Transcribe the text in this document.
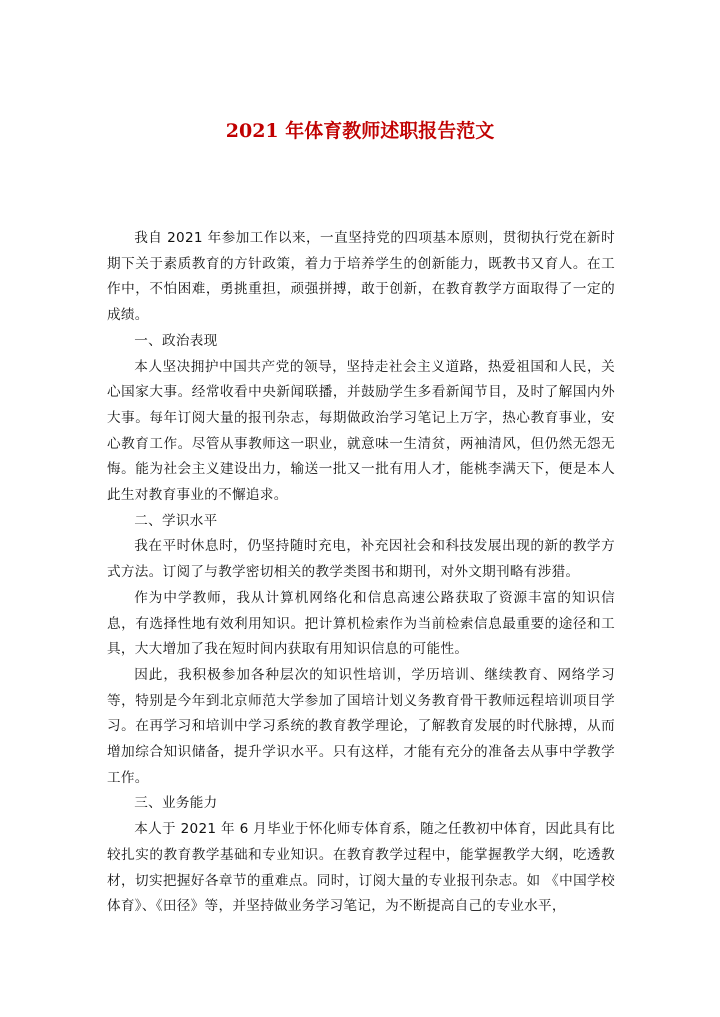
2021 年体育教师述职报告范文

我自 2021 年参加工作以来，一直坚持党的四项基本原则，贯彻执行党在新时期下关于素质教育的方针政策，着力于培养学生的创新能力，既教书又育人。在工作中，不怕困难，勇挑重担，顽强拼搏，敢于创新，在教育教学方面取得了一定的成绩。

一、政治表现

本人坚决拥护中国共产党的领导，坚持走社会主义道路，热爱祖国和人民，关心国家大事。经常收看中央新闻联播，并鼓励学生多看新闻节目，及时了解国内外大事。每年订阅大量的报刊杂志，每期做政治学习笔记上万字，热心教育事业，安心教育工作。尽管从事教师这一职业，就意味一生清贫，两袖清风，但仍然无怨无悔。能为社会主义建设出力，输送一批又一批有用人才，能桃李满天下，便是本人此生对教育事业的不懈追求。

二、学识水平

我在平时休息时，仍坚持随时充电，补充因社会和科技发展出现的新的教学方式方法。订阅了与教学密切相关的教学类图书和期刊，对外文期刊略有涉猎。

作为中学教师，我从计算机网络化和信息高速公路获取了资源丰富的知识信息，有选择性地有效利用知识。把计算机检索作为当前检索信息最重要的途径和工具，大大增加了我在短时间内获取有用知识信息的可能性。

因此，我积极参加各种层次的知识性培训，学历培训、继续教育、网络学习等，特别是今年到北京师范大学参加了国培计划义务教育骨干教师远程培训项目学习。在再学习和培训中学习系统的教育教学理论，了解教育发展的时代脉搏，从而增加综合知识储备，提升学识水平。只有这样，才能有充分的准备去从事中学教学工作。

三、业务能力

本人于 2021 年 6 月毕业于怀化师专体育系，随之任教初中体育，因此具有比较扎实的教育教学基础和专业知识。在教育教学过程中，能掌握教学大纲，吃透教材，切实把握好各章节的重难点。同时，订阅大量的专业报刊杂志。如 《中国学校体育》、《田径》等，并坚持做业务学习笔记，为不断提高自己的专业水平，
